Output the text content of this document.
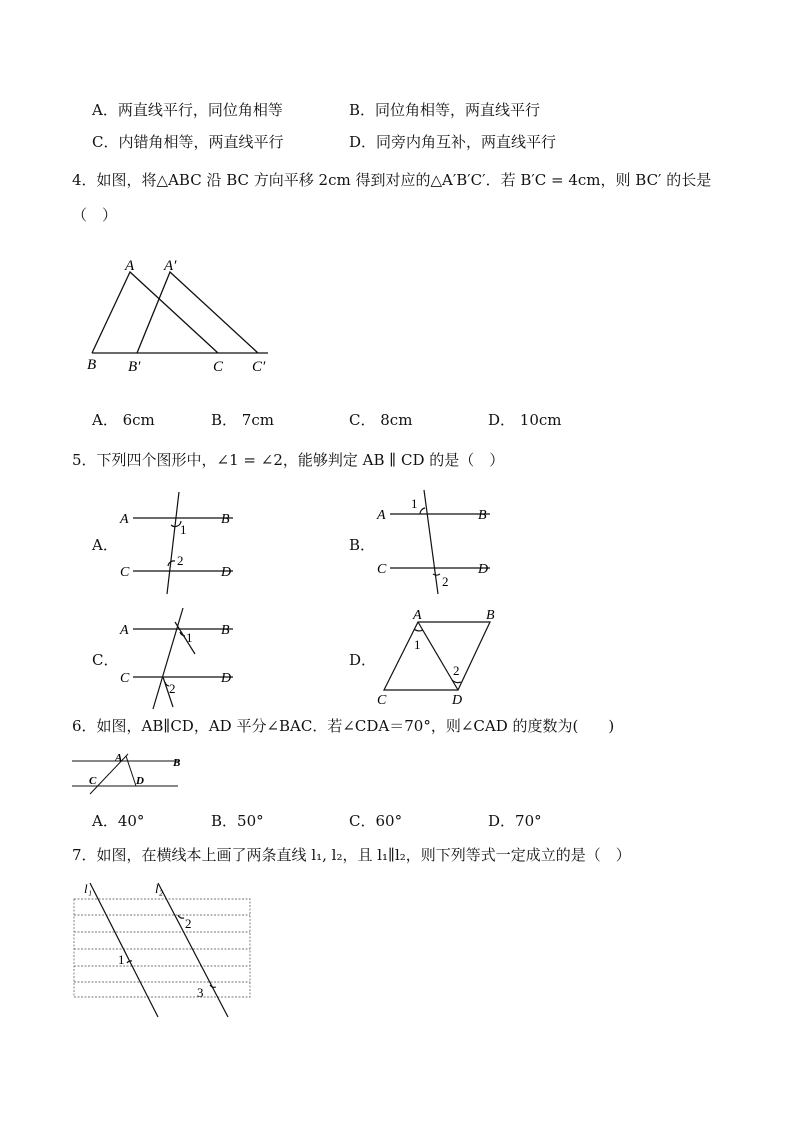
A．两直线平行，同位角相等	B．同位角相等，两直线平行
C．内错角相等，两直线平行	D．同旁内角互补，两直线平行
4．如图，将△ABC 沿 BC 方向平移 2cm 得到对应的△A′B′C′．若 B′C = 4cm，则 BC′ 的长是
（　）
A A′
B B′	C C′
A． 6cm	B． 7cm	C． 8cm	D． 10cm
5．下列四个图形中，∠1 = ∠2，能够判定 AB ∥ CD 的是（　）
A．
A	B
C	D
1
2
B．
A	B
C	D
1
2
C．
A	B
C	D
1
2
D．
A	B
C	D
1
2
6．如图，AB∥CD，AD 平分∠BAC．若∠CDA＝70°，则∠CAD 的度数为(　　)
A	B
C	D
A．40°	B．50°	C．60°	D．70°
7．如图，在横线本上画了两条直线 l₁, l₂，且 l₁∥l₂，则下列等式一定成立的是（　）
l₁	l₂
1
2
3
